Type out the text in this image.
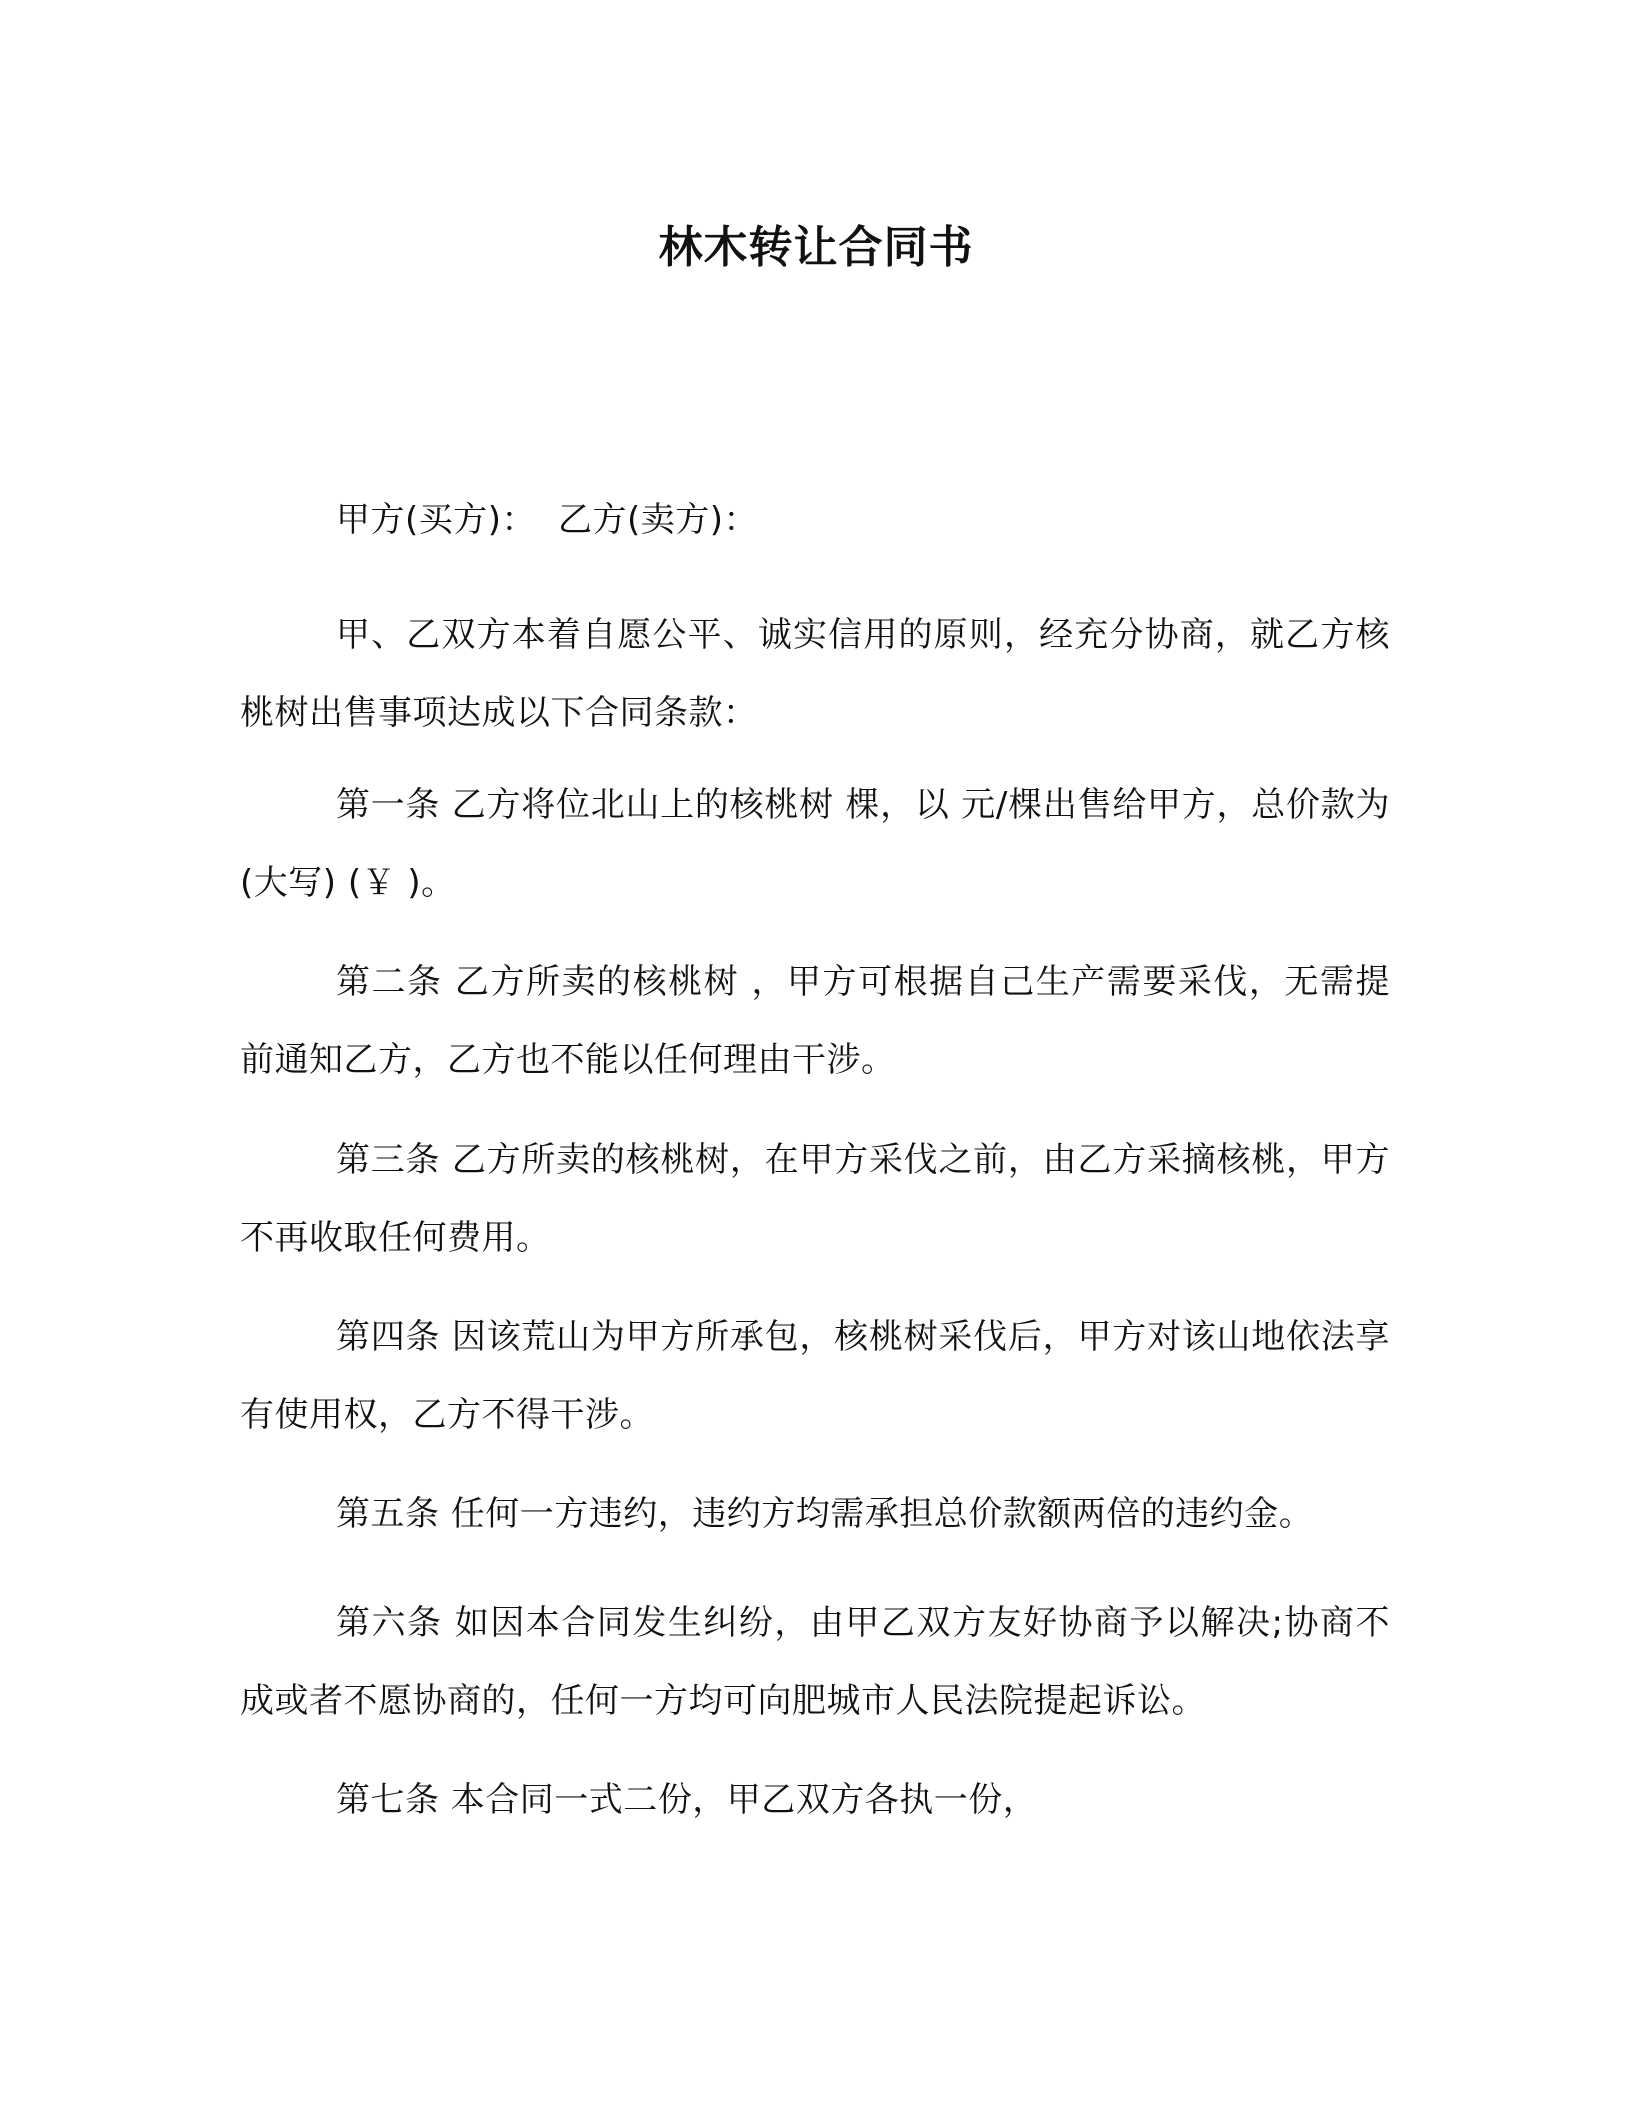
林木转让合同书
甲方(买方)： 乙方(卖方)：

甲、乙双方本着自愿公平、诚实信用的原则，经充分协商，就乙方核桃树出售事项达成以下合同条款：

第一条 乙方将位北山上的核桃树 棵，以 元/棵出售给甲方，总价款为(大写) (￥ )。

第二条 乙方所卖的核桃树 ，甲方可根据自己生产需要采伐，无需提前通知乙方，乙方也不能以任何理由干涉。

第三条 乙方所卖的核桃树，在甲方采伐之前，由乙方采摘核桃，甲方不再收取任何费用。

第四条 因该荒山为甲方所承包，核桃树采伐后，甲方对该山地依法享有使用权，乙方不得干涉。

第五条 任何一方违约，违约方均需承担总价款额两倍的违约金。

第六条 如因本合同发生纠纷，由甲乙双方友好协商予以解决;协商不成或者不愿协商的，任何一方均可向肥城市人民法院提起诉讼。

第七条 本合同一式二份，甲乙双方各执一份，
